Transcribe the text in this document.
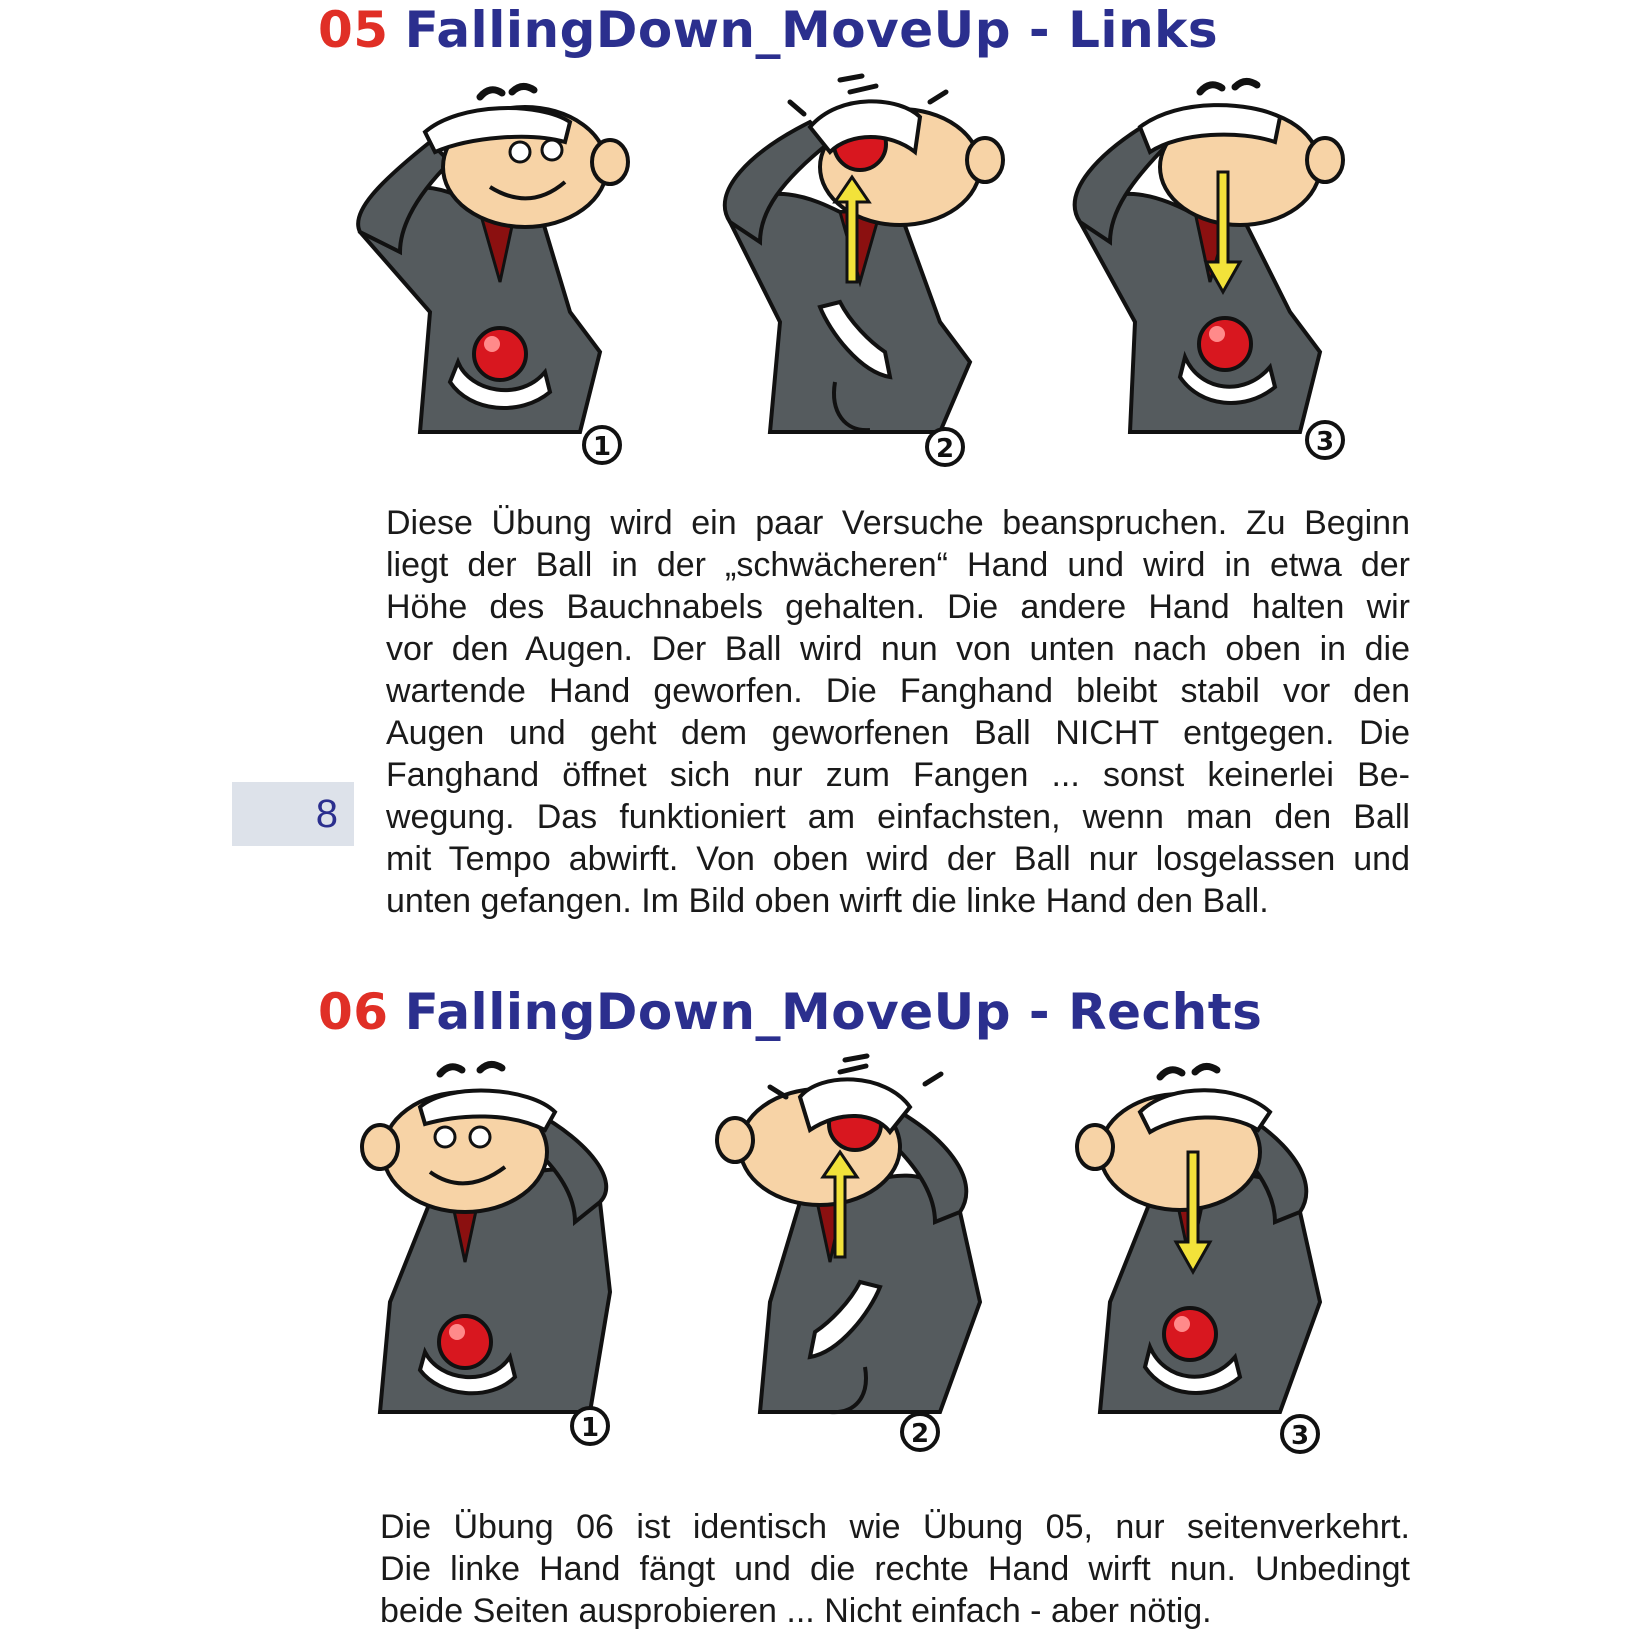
05 FallingDown_MoveUp - Links
1	2	3
8
Diese Übung wird ein paar Versuche beanspruchen. Zu Beginn
liegt der Ball in der „schwächeren“ Hand und wird in etwa der
Höhe des Bauchnabels gehalten. Die andere Hand halten wir
vor den Augen. Der Ball wird nun von unten nach oben in die
wartende Hand geworfen. Die Fanghand bleibt stabil vor den
Augen und geht dem geworfenen Ball NICHT entgegen. Die
Fanghand öffnet sich nur zum Fangen ... sonst keinerlei Be-
wegung. Das funktioniert am einfachsten, wenn man den Ball
mit Tempo abwirft. Von oben wird der Ball nur losgelassen und
unten gefangen. Im Bild oben wirft die linke Hand den Ball.
06 FallingDown_MoveUp - Rechts
1	2	3
Die Übung 06 ist identisch wie Übung 05, nur seitenverkehrt.
Die linke Hand fängt und die rechte Hand wirft nun. Unbedingt
beide Seiten ausprobieren ... Nicht einfach - aber nötig.
